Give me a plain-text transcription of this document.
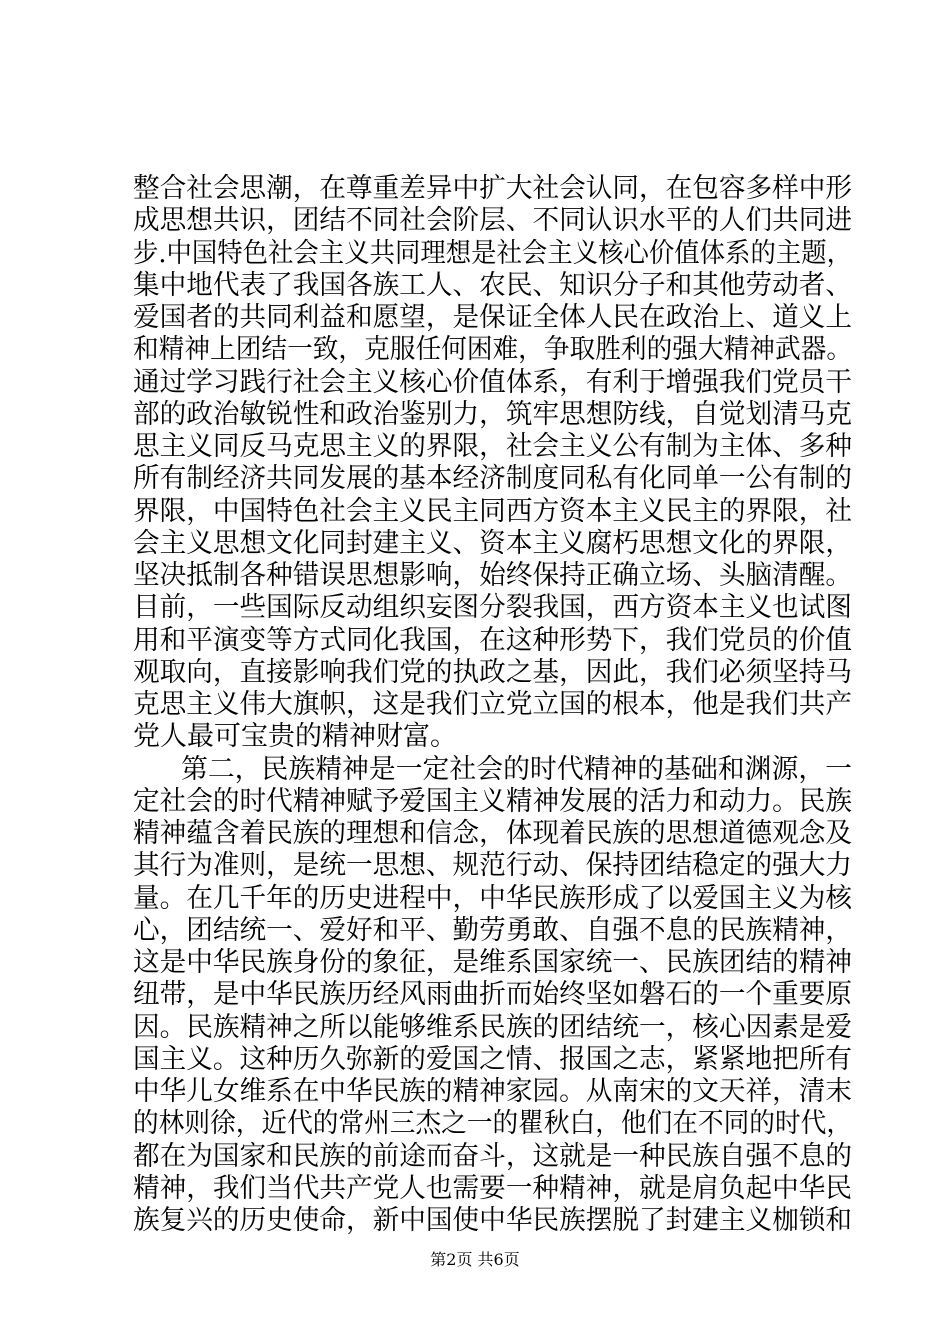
整合社会思潮，在尊重差异中扩大社会认同，在包容多样中形
成思想共识，团结不同社会阶层、不同认识水平的人们共同进
步.中国特色社会主义共同理想是社会主义核心价值体系的主题，
集中地代表了我国各族工人、农民、知识分子和其他劳动者、
爱国者的共同利益和愿望，是保证全体人民在政治上、道义上
和精神上团结一致，克服任何困难，争取胜利的强大精神武器。
通过学习践行社会主义核心价值体系，有利于增强我们党员干
部的政治敏锐性和政治鉴别力，筑牢思想防线，自觉划清马克
思主义同反马克思主义的界限，社会主义公有制为主体、多种
所有制经济共同发展的基本经济制度同私有化同单一公有制的
界限，中国特色社会主义民主同西方资本主义民主的界限，社
会主义思想文化同封建主义、资本主义腐朽思想文化的界限，
坚决抵制各种错误思想影响，始终保持正确立场、头脑清醒。
目前，一些国际反动组织妄图分裂我国，西方资本主义也试图
用和平演变等方式同化我国，在这种形势下，我们党员的价值
观取向，直接影响我们党的执政之基，因此，我们必须坚持马
克思主义伟大旗帜，这是我们立党立国的根本，他是我们共产
党人最可宝贵的精神财富。
第二，民族精神是一定社会的时代精神的基础和渊源，一
定社会的时代精神赋予爱国主义精神发展的活力和动力。民族
精神蕴含着民族的理想和信念，体现着民族的思想道德观念及
其行为准则，是统一思想、规范行动、保持团结稳定的强大力
量。在几千年的历史进程中，中华民族形成了以爱国主义为核
心，团结统一、爱好和平、勤劳勇敢、自强不息的民族精神，
这是中华民族身份的象征，是维系国家统一、民族团结的精神
纽带，是中华民族历经风雨曲折而始终坚如磐石的一个重要原
因。民族精神之所以能够维系民族的团结统一，核心因素是爱
国主义。这种历久弥新的爱国之情、报国之志，紧紧地把所有
中华儿女维系在中华民族的精神家园。从南宋的文天祥，清末
的林则徐，近代的常州三杰之一的瞿秋白，他们在不同的时代，
都在为国家和民族的前途而奋斗，这就是一种民族自强不息的
精神，我们当代共产党人也需要一种精神，就是肩负起中华民
族复兴的历史使命，新中国使中华民族摆脱了封建主义枷锁和
第2页 共6页
